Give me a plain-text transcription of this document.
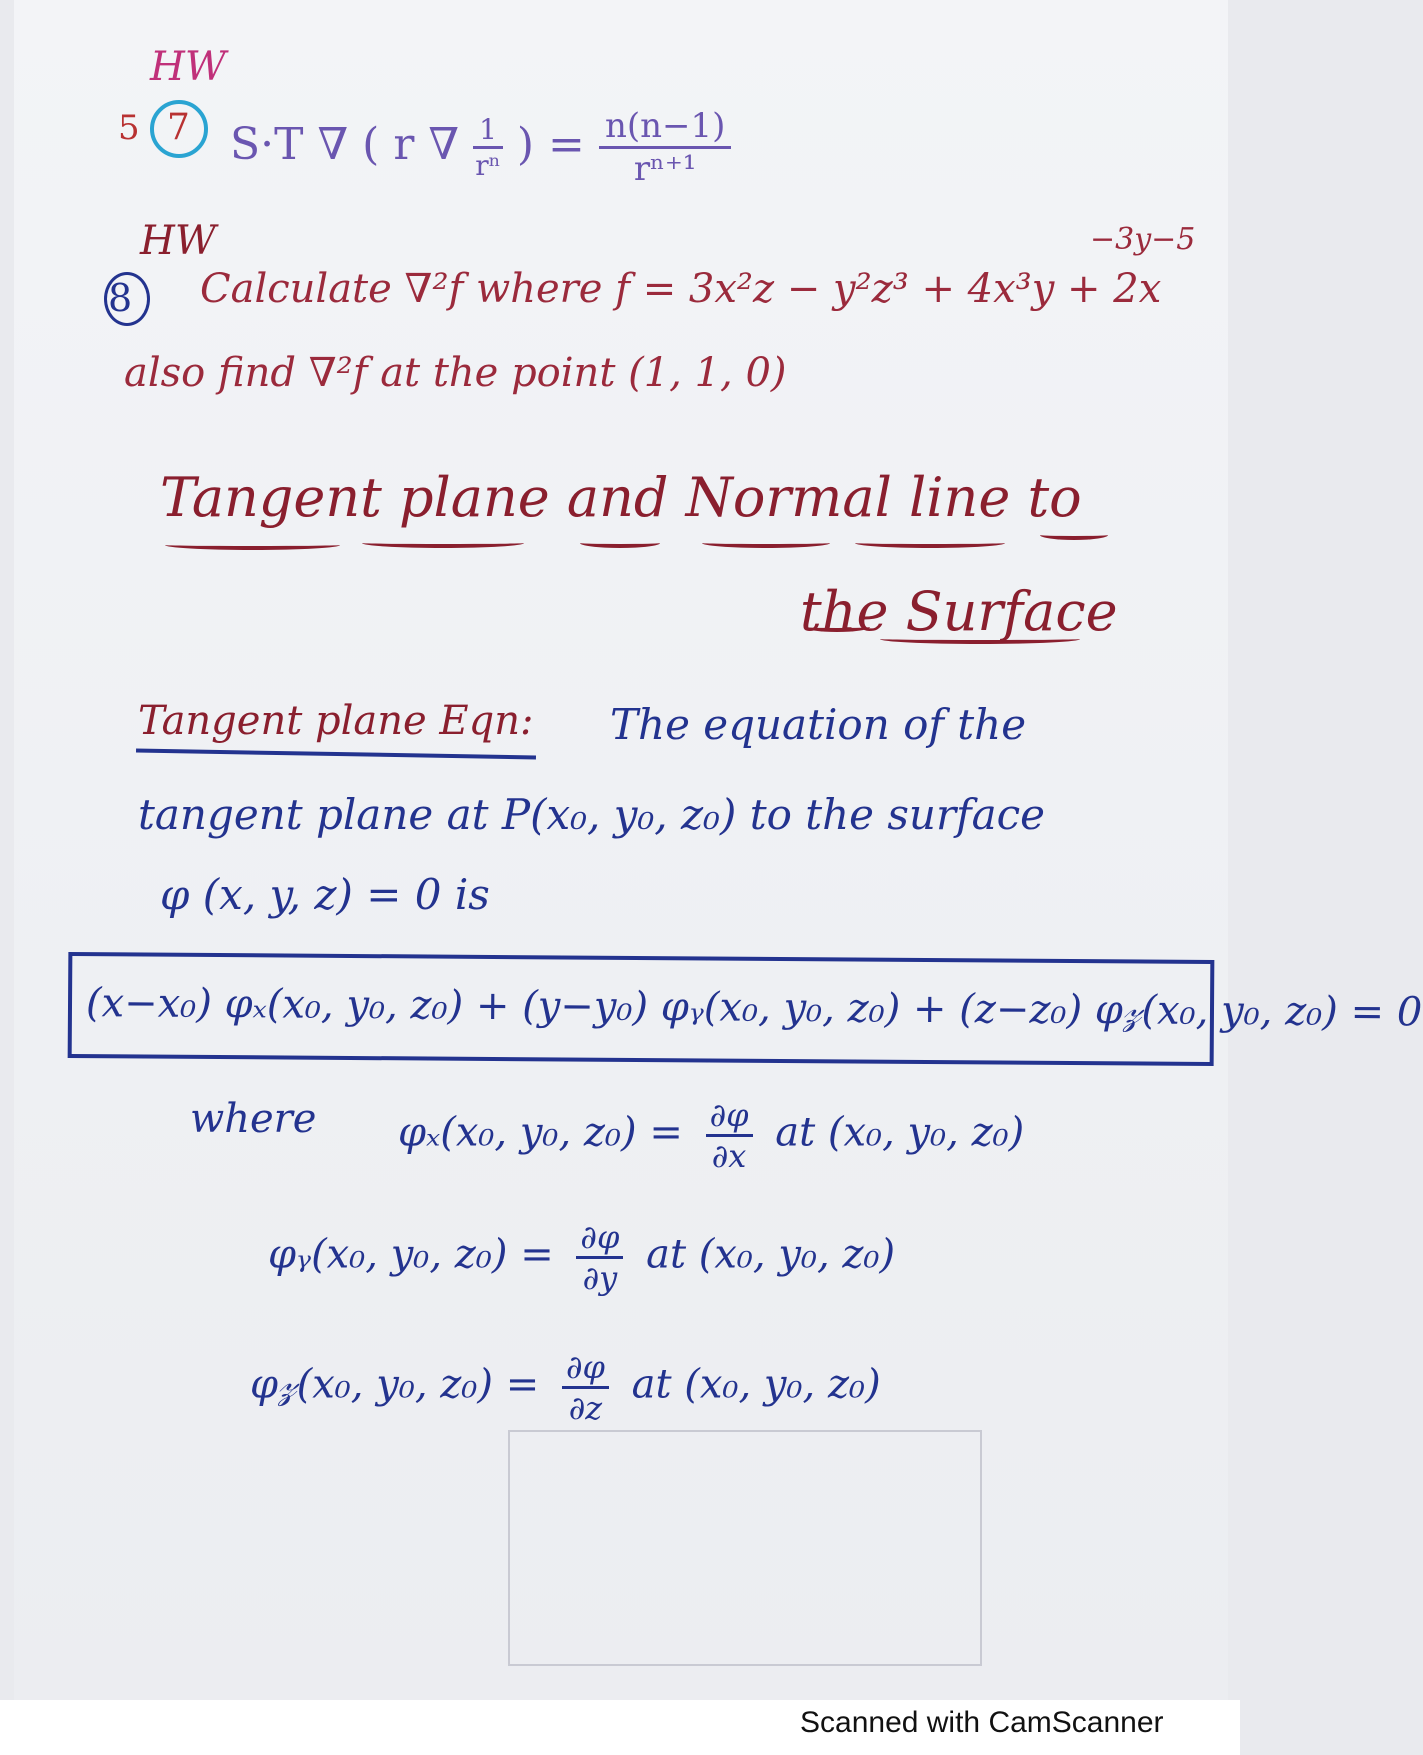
HW
HW
5 7 S·T ∇ ( r ∇ $\frac{1}{\text{rⁿ}}$ ) = $\frac{n(n-1)}{\text{rⁿ⁺¹}}$
8 Calculate ∇²f where f = 3x²z − y²z³ + 4x³y + 2x
−3y−5
also find ∇²f at the point (1, 1, 0)
Tangent plane and Normal line to
the Surface
Tangent plane Eqn: The equation of the
tangent plane at P(x₀, y₀, z₀) to the surface
φ (x, y, z) = 0 is
(x−x₀) φₓ(x₀, y₀, z₀) + (y−y₀) φᵧ(x₀, y₀, z₀) + (z−z₀) φ𝓏(x₀, y₀, z₀) = 0
where φₓ(x₀, y₀, $z_0) = \frac{\partial\varphi}{\partial x}$ at (x₀, y₀, z₀)
φᵧ(x₀, y₀, $z_0) = \frac{\partial\varphi}{\partial y}$ at (x₀, y₀, z₀)
φ𝓏(x₀, y₀, $z_0) = \frac{\partial\varphi}{\partial z}$ at (x₀, y₀, z₀)
Scanned with CamScanner
